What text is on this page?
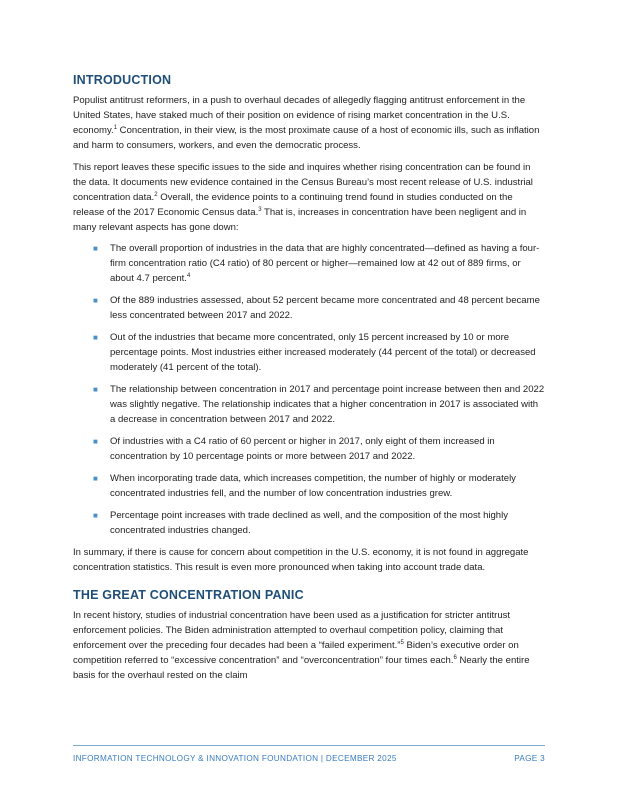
INTRODUCTION

Populist antitrust reformers, in a push to overhaul decades of allegedly flagging antitrust enforcement in the United States, have staked much of their position on evidence of rising market concentration in the U.S. economy.$^1$ Concentration, in their view, is the most proximate cause of a host of economic ills, such as inflation and harm to consumers, workers, and even the democratic process.

This report leaves these specific issues to the side and inquires whether rising concentration can be found in the data. It documents new evidence contained in the Census Bureau’s most recent release of U.S. industrial concentration data.$^2$ Overall, the evidence points to a continuing trend found in studies conducted on the release of the 2017 Economic Census data.$^3$ That is, increases in concentration have been negligent and in many relevant aspects has gone down:

■ The overall proportion of industries in the data that are highly concentrated—defined as having a four-firm concentration ratio (C4 ratio) of 80 percent or higher—remained low at 42 out of 889 firms, or about 4.7 percent.$^4$
■ Of the 889 industries assessed, about 52 percent became more concentrated and 48 percent became less concentrated between 2017 and 2022.
■ Out of the industries that became more concentrated, only 15 percent increased by 10 or more percentage points. Most industries either increased moderately (44 percent of the total) or decreased moderately (41 percent of the total).
■ The relationship between concentration in 2017 and percentage point increase between then and 2022 was slightly negative. The relationship indicates that a higher concentration in 2017 is associated with a decrease in concentration between 2017 and 2022.
■ Of industries with a C4 ratio of 60 percent or higher in 2017, only eight of them increased in concentration by 10 percentage points or more between 2017 and 2022.
■ When incorporating trade data, which increases competition, the number of highly or moderately concentrated industries fell, and the number of low concentration industries grew.
■ Percentage point increases with trade declined as well, and the composition of the most highly concentrated industries changed.

In summary, if there is cause for concern about competition in the U.S. economy, it is not found in aggregate concentration statistics. This result is even more pronounced when taking into account trade data.

THE GREAT CONCENTRATION PANIC

In recent history, studies of industrial concentration have been used as a justification for stricter antitrust enforcement policies. The Biden administration attempted to overhaul competition policy, claiming that enforcement over the preceding four decades had been a “failed experiment.”$^5$ Biden’s executive order on competition referred to “excessive concentration” and “overconcentration” four times each.$^6$ Nearly the entire basis for the overhaul rested on the claim

INFORMATION TECHNOLOGY & INNOVATION FOUNDATION | DECEMBER 2025	PAGE 3
